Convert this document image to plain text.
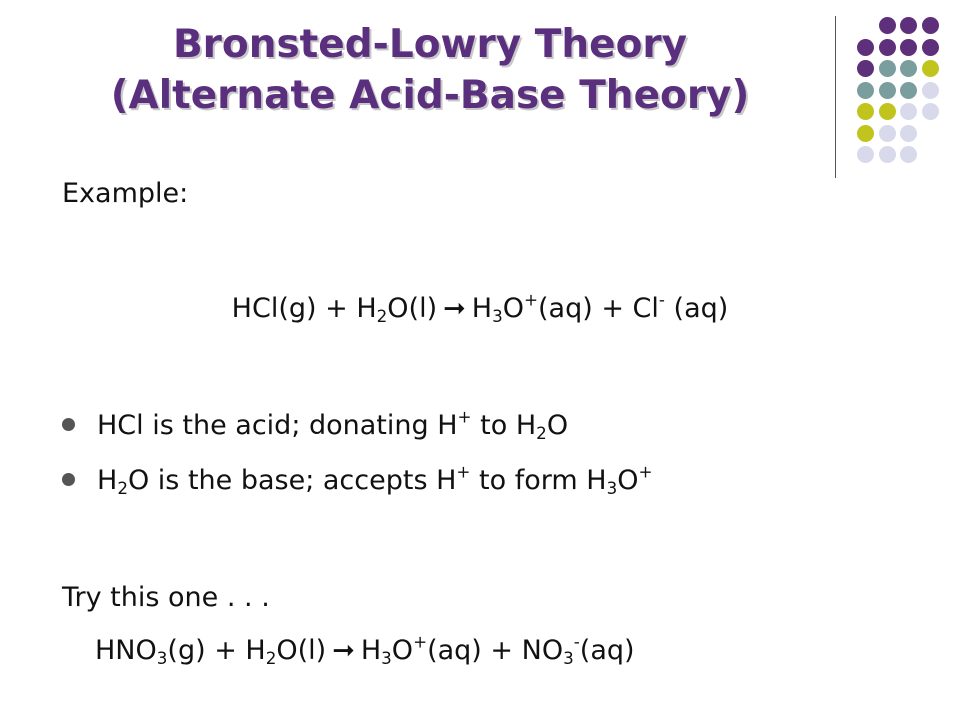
Bronsted-Lowry Theory
(Alternate Acid-Base Theory)
Example:
$HCl(g) + H_2O(l)$ ➞ $H_3O^+(aq) + Cl^-$ (aq)
HCl is the acid; donating H+ to $H_2O$
$H_2O$ is the base; accepts H+ to form $H_3O^+$
Try this one . . .
$HNO_3(g) + H_2O(l)$ ➞ $H_3O^+(aq) + NO_3^-(aq)$
